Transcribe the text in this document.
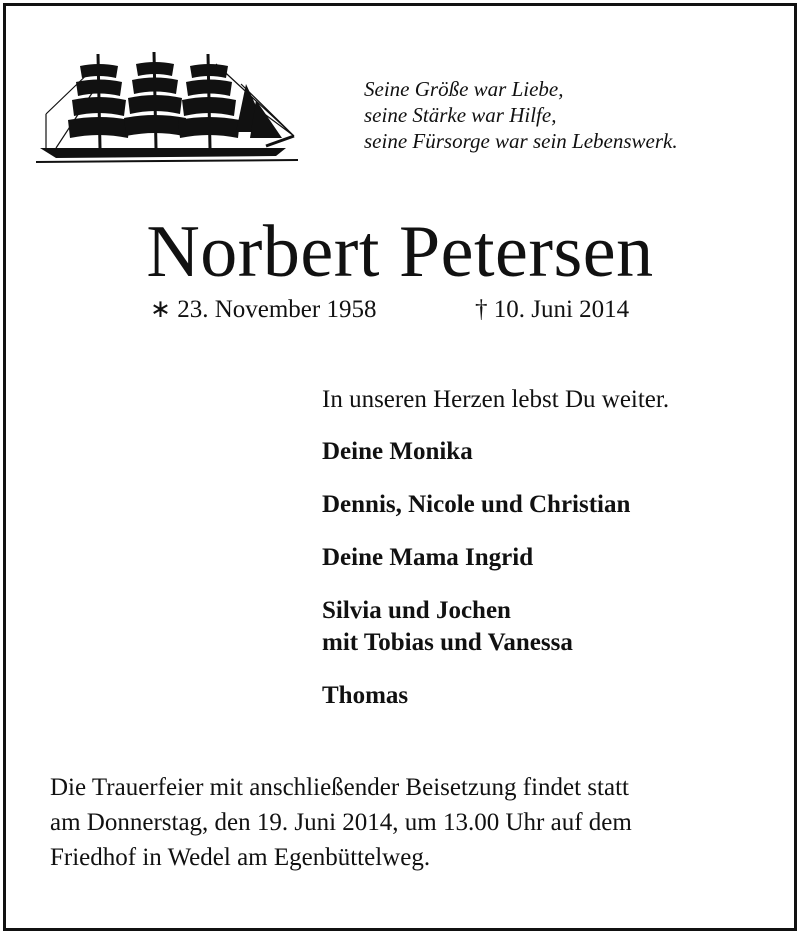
Seine Größe war Liebe,
seine Stärke war Hilfe,
seine Fürsorge war sein Lebenswerk.
Norbert Petersen
∗ 23. November 1958	† 10. Juni 2014
In unseren Herzen lebst Du weiter.
Deine Monika
Dennis, Nicole und Christian
Deine Mama Ingrid
Silvia und Jochen
mit Tobias und Vanessa
Thomas
Die Trauerfeier mit anschließender Beisetzung findet statt
am Donnerstag, den 19. Juni 2014, um 13.00 Uhr auf dem
Friedhof in Wedel am Egenbüttelweg.
